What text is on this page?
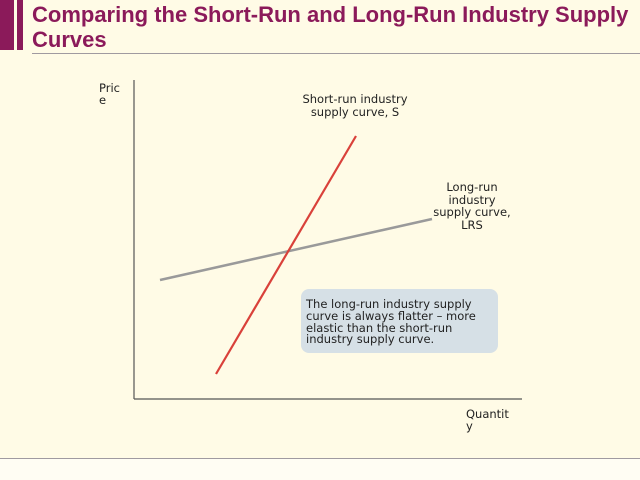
Comparing the Short-Run and Long-Run Industry Supply Curves
Price
Quantity
Short-run industry supply curve, S
Long-run industry supply curve, LRS
The long-run industry supply curve is always flatter – more elastic than the short-run industry supply curve.
